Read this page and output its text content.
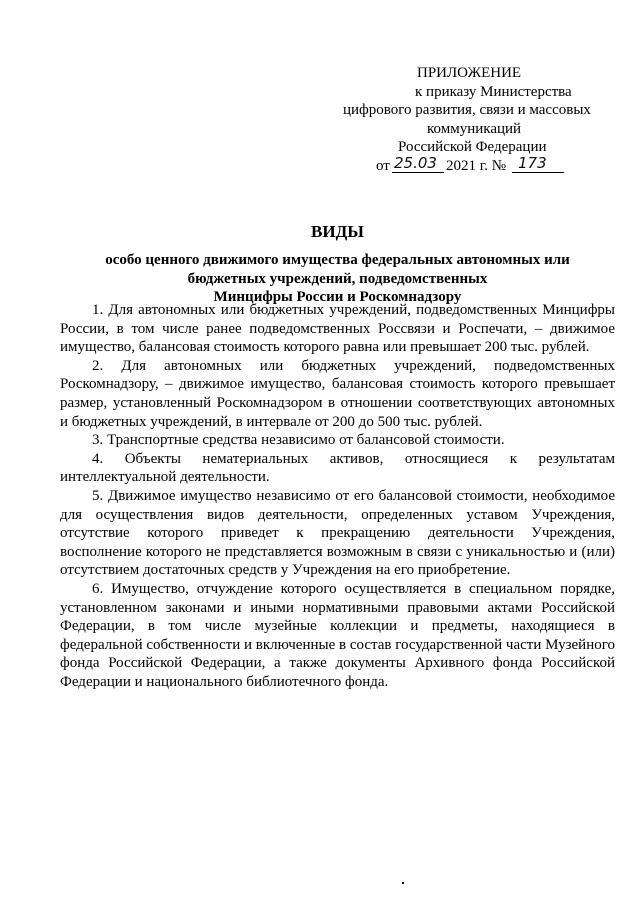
ПРИЛОЖЕНИЕ
к приказу Министерства
цифрового развития, связи и массовых
коммуникаций
Российской Федерации
от 25.03 2021 г. № 173
ВИДЫ
особо ценного движимого имущества федеральных автономных или
бюджетных учреждений, подведомственных
Минцифры России и Роскомнадзору

1. Для автономных или бюджетных учреждений, подведомственных Минцифры России, в том числе ранее подведомственных Россвязи и Роспечати, – движимое имущество, балансовая стоимость которого равна или превышает 200 тыс. рублей.

2. Для автономных или бюджетных учреждений, подведомственных Роскомнадзору, – движимое имущество, балансовая стоимость которого превышает размер, установленный Роскомнадзором в отношении соответствующих автономных и бюджетных учреждений, в интервале от 200 до 500 тыс. рублей.

3. Транспортные средства независимо от балансовой стоимости.

4. Объекты нематериальных активов, относящиеся к результатам интеллектуальной деятельности.

5. Движимое имущество независимо от его балансовой стоимости, необходимое для осуществления видов деятельности, определенных уставом Учреждения, отсутствие которого приведет к прекращению деятельности Учреждения, восполнение которого не представляется возможным в связи с уникальностью и (или) отсутствием достаточных средств у Учреждения на его приобретение.

6. Имущество, отчуждение которого осуществляется в специальном порядке, установленном законами и иными нормативными правовыми актами Российской Федерации, в том числе музейные коллекции и предметы, находящиеся в федеральной собственности и включенные в состав государственной части Музейного фонда Российской Федерации, а также документы Архивного фонда Российской Федерации и национального библиотечного фонда.
